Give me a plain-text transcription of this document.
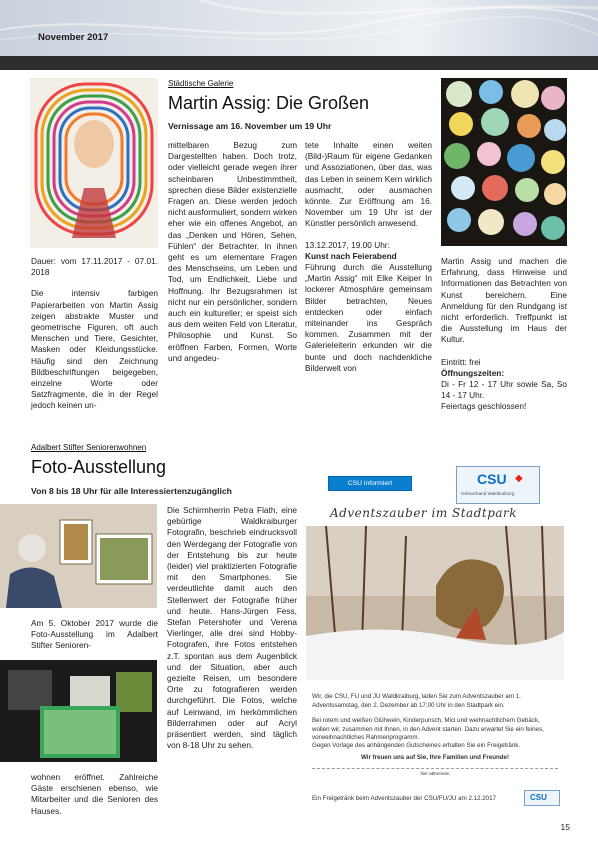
November 2017

Dauer: vom 17.11.2017 - 07.01. 2018

Die intensiv farbigen Papierarbeiten von Martin Assig zeigen abstrakte Muster und geometrische Figuren, oft auch Menschen und Tiere, Gesichter, Masken oder Kleidungsstücke. Häufig sind den Zeichnung Bildbeschriftungen beigegeben, einzelne Worte oder Satzfragmente, die in der Regel jedoch keinen un-

Städtische Galerie
Martin Assig: Die Großen
Vernissage am 16. November um 19 Uhr
mittelbaren Bezug zum Dargestellten haben. Doch trotz, oder vielleicht gerade wegen ihrer scheinbaren Unbestimmtheit, sprechen diese Bilder existenzielle Fragen an. Diese werden jedoch nicht ausformuliert, sondern wirken eher wie ein offenes Angebot, an das „Denken und Hören, Sehen, Fühlen“ der Betrachter. In ihnen geht es um elementare Fragen des Menschseins, um Leben und Tod, um Endlichkeit, Liebe und Hoffnung. Ihr Bezugsrahmen ist nicht nur ein persönlicher, sondern auch ein kultureller; er speist sich aus dem weiten Feld von Literatur, Philosophie und Kunst. So eröffnen Farben, Formen, Worte und angedeu-

tete Inhalte einen weiten (Bild-)Raum für eigene Gedanken und Assoziationen, über das, was das Leben in seinem Kern wirklich ausmacht, oder ausmachen könnte. Zur Eröffnung am 16. November um 19 Uhr ist der Künstler persönlich anwesend.

13.12.2017, 19.00 Uhr:
Kunst nach Feierabend

Führung durch die Ausstellung „Martin Assig“ mit Elke Keiper In lockerer Atmosphäre gemeinsam Bilder betrachten, Neues entdecken oder einfach miteinander ins Gespräch kommen. Zusammen mit der Galerieleiterin erkunden wir die bunte und doch nachdenkliche Bilderwelt von

Martin Assig und machen die Erfahrung, dass Hinweise und Informationen das Betrachten von Kunst bereichern. Eine Anmeldung für den Rundgang ist nicht erforderlich. Treffpunkt ist die Ausstellung im Haus der Kultur.

Eintritt: frei
Öffnungszeiten:
Di - Fr 12 - 17 Uhr sowie Sa, So 14 - 17 Uhr.
Feiertags geschlossen!
Adalbert Stifter Seniorenwohnen
Foto-Ausstellung
Von 8 bis 18 Uhr für alle Interessiertenzugänglich
Am 5. Oktober 2017 wurde die Foto-Ausstellung im Adalbert Stifter Senioren-
wohnen eröffnet. Zahlreiche Gäste erschienen ebenso, wie Mitarbeiter und die Senioren des Hauses.
Die Schirmherrin Petra Flath, eine gebürtige Waldkraiburger Fotografin, beschrieb eindrucksvoll den Werdegang der Fotografie von der Entstehung bis zur heute (leider) viel praktizierten Fotografie mit den Smartphones. Sie verdeutlichte damit auch den Stellenwert der Fotografie früher und heute. Hans-Jürgen Fess, Stefan Petershofer und Verena Vierlinger, alle drei sind Hobby-Fotografen, ihre Fotos entstehen z.T. spontan aus dem Augenblick und der Situation, aber auch gezielte Reisen, um besondere Orte zu fotografieren werden durchgeführt. Die Fotos, welche auf Leinwand, im herkömmlichen Bilderrahmen oder auf Acryl präsentiert werden, sind täglich von 8-18 Uhr zu sehen.
CSU informiert	CSU
Ortsverband Waldkraiburg
◆
Adventszauber im Stadtpark
Wir, die CSU, FU und JU Waldkraiburg, laden Sie zum Adventszauber am 1. Adventssamstag, den 2. Dezember ab 17:00 Uhr in den Stadtpark ein.
Bei rotem und weißen Glühwein, Kinderpunsch, Mici und weihnachtlichem Gebäck, wollen wir, zusammen mit Ihnen, in den Advent starten. Dazu erwartet Sie ein feines, vorweihnachtliches Rahmenprogramm.
Gegen Vorlage des anhängenden Gutscheines erhalten Sie ein Freigetränk.
Wir freuen uns auf Sie, Ihre Familien und Freunde!
hier abtrennen
Ein Freigetränk beim Adventszauber der CSU/FU/JU am 2.12.2017	CSU
15
